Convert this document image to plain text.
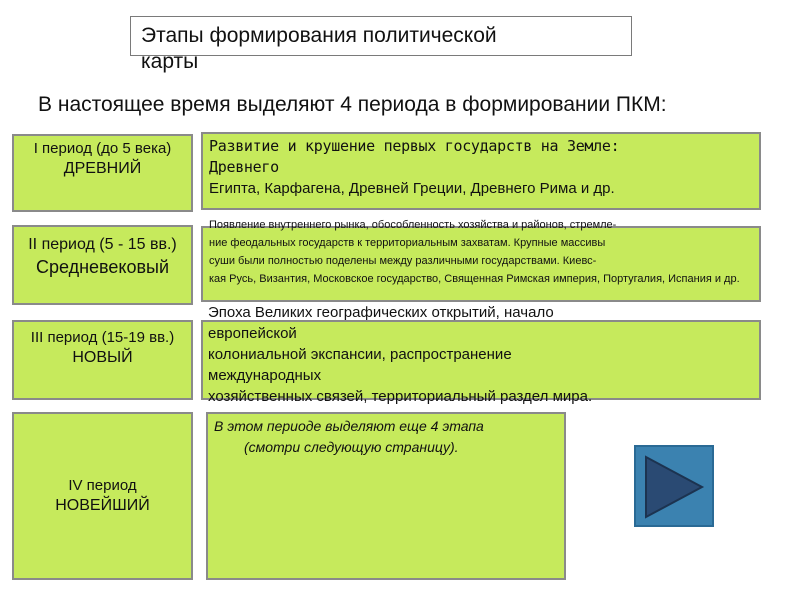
Этапы формирования политической
карты
В настоящее время выделяют 4 периода в формировании ПКМ:
I период (до 5 века)
ДРЕВНИЙ
Развитие и крушение первых государств на Земле:
Древнего
Египта, Карфагена, Древней Греции, Древнего Рима и др.
II период (5 - 15 вв.)
Средневековый
Появление внутреннего рынка, обособленность хозяйства и районов, стремле-
ние феодальных государств к территориальным захватам. Крупные массивы
суши были полностью поделены между различными государствами. Киевс-
кая Русь, Византия, Московское государство, Священная Римская империя, Португалия, Испания и др.
III период (15-19 вв.)
НОВЫЙ
Эпоха Великих географических открытий, начало европейской
колониальной экспансии, распространение международных
хозяйственных связей, территориальный раздел мира.
IV период
НОВЕЙШИЙ
В этом периоде выделяют еще 4 этапа
(смотри следующую страницу).
